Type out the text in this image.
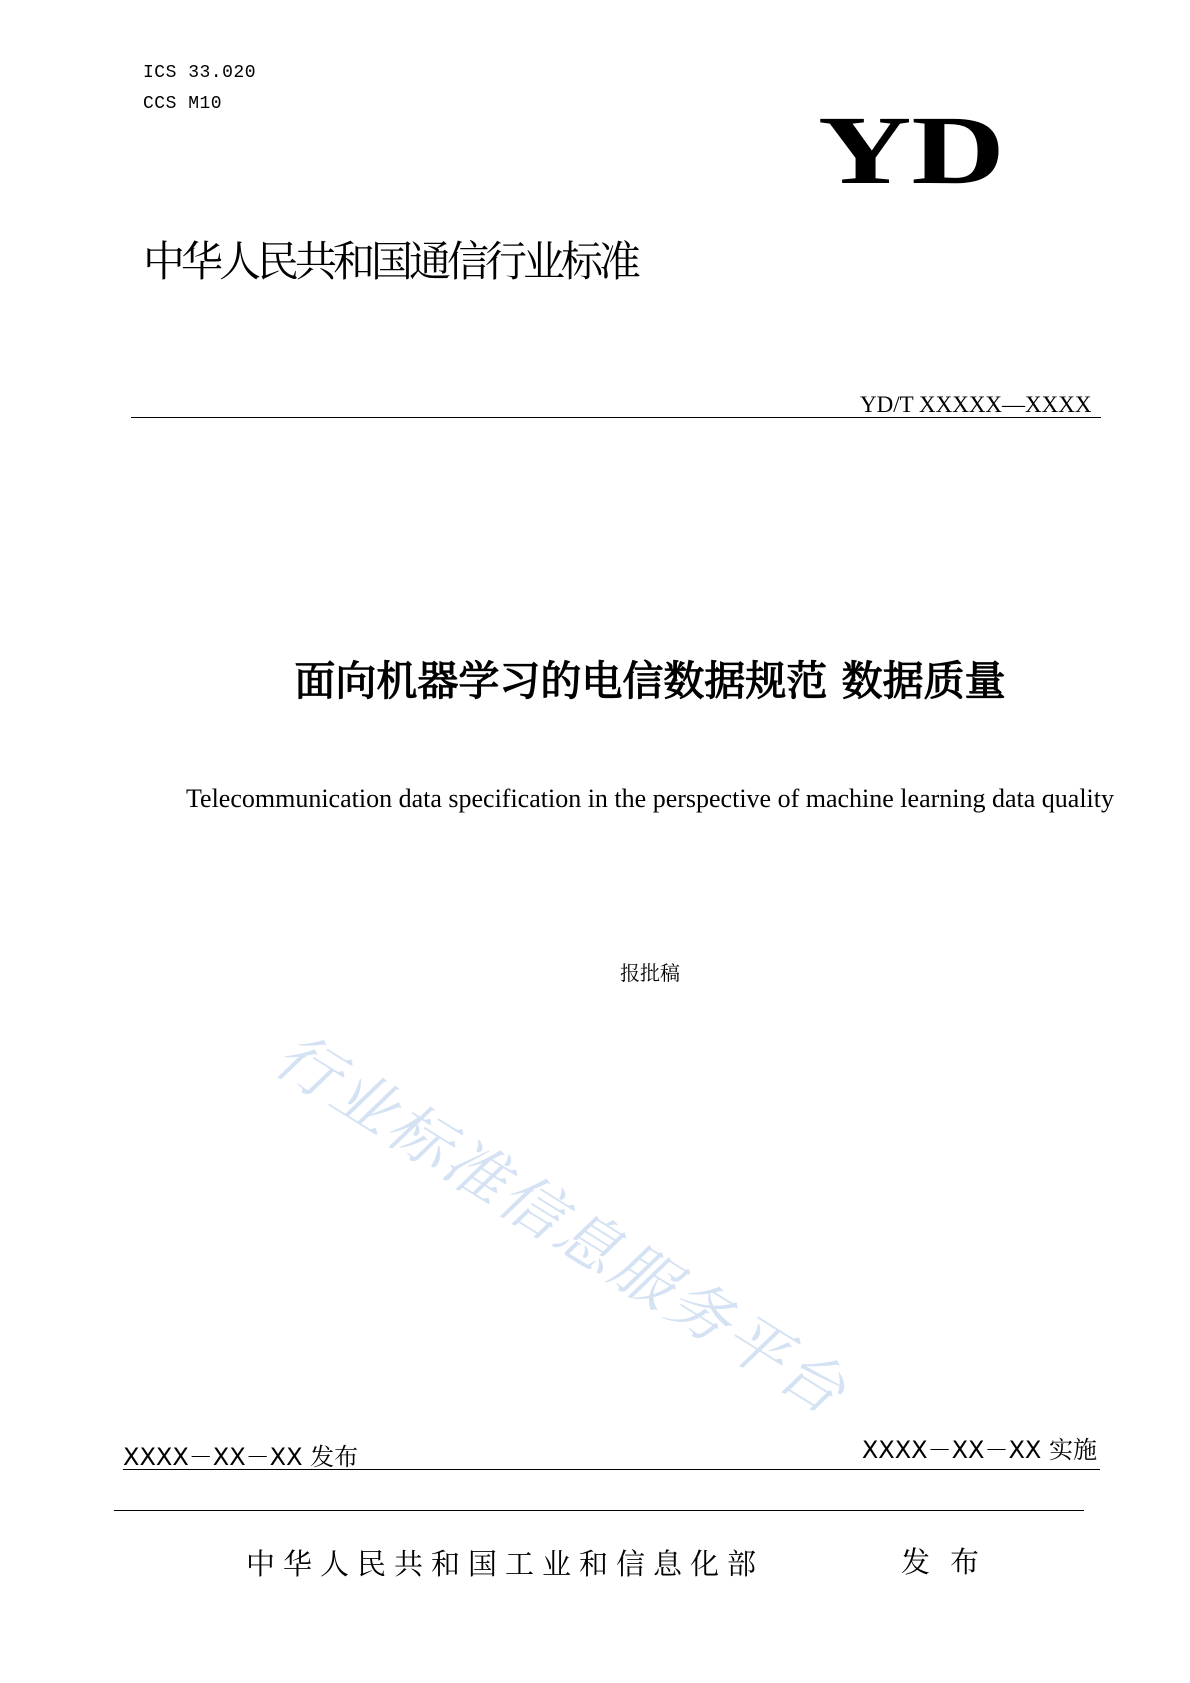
ICS 33.020
CCS M10	YD
中华人民共和国通信行业标准
YD/T XXXXX—XXXX
面向机器学习的电信数据规范 数据质量
Telecommunication data specification in the perspective of machine learning data quality
报批稿
行业标准信息服务平台
XXXX－XX－XX 发布	XXXX－XX－XX 实施
中华人民共和国工业和信息化部	发布
